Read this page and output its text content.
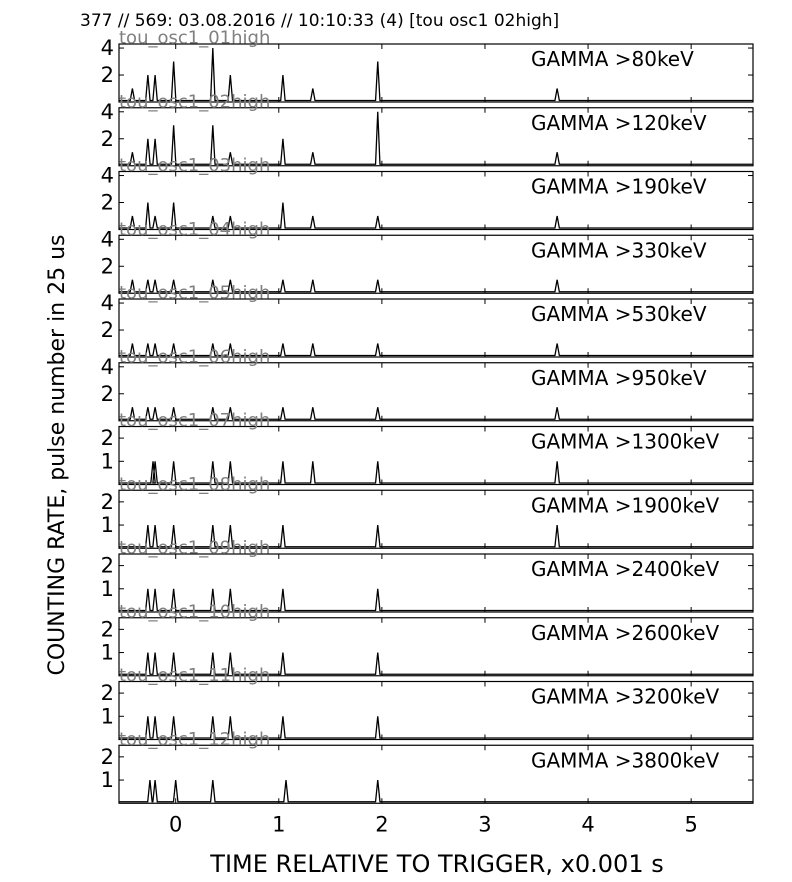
377 // 569: 03.08.2016 // 10:10:33 (4) [tou osc1 02high]
2
4	GAMMA >80keV
2
4	GAMMA >120keV
2
4	GAMMA >190keV
2
4	GAMMA >330keV
2
4	GAMMA >530keV
2
4	GAMMA >950keV
1
2	GAMMA >1300keV
1
2	GAMMA >1900keV
1
2	GAMMA >2400keV
1
2	GAMMA >2600keV
1
2	GAMMA >3200keV
1
2	GAMMA >3800keV
tou_osc1_01high
tou_osc1_02high
tou_osc1_03high
tou_osc1_04high
tou_osc1_05high
tou_osc1_06high
tou_osc1_07high
tou_osc1_08high
tou_osc1_09high
tou_osc1_10high
tou_osc1_11high
tou_osc1_12high
0	1	2	3	4	5
COUNTING RATE, pulse number in 25 us
TIME RELATIVE TO TRIGGER, x0.001 s
